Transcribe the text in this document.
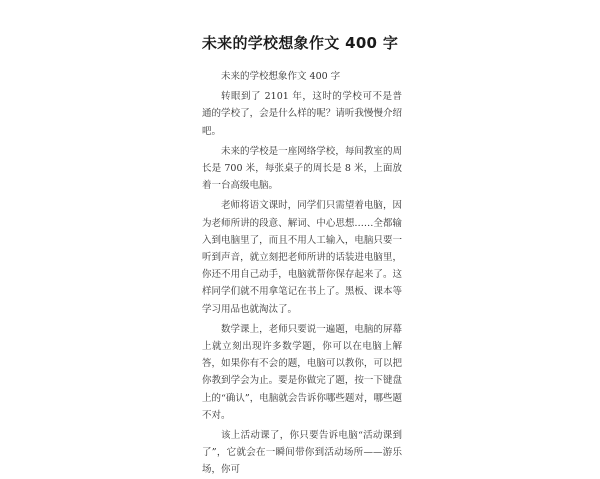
未来的学校想象作文 400 字

未来的学校想象作文 400 字

转眼到了 2101 年，这时的学校可不是普通的学校了，会是什么样的呢？请听我慢慢介绍吧。

未来的学校是一座网络学校，每间教室的周长是 700 米，每张桌子的周长是 8 米，上面放着一台高级电脑。

老师将语文课时，同学们只需望着电脑，因为老师所讲的段意、解词、中心思想……全都输入到电脑里了，而且不用人工输入，电脑只要一听到声音，就立刻把老师所讲的话装进电脑里，你还不用自己动手，电脑就帮你保存起来了。这样同学们就不用拿笔记在书上了。黑板、课本等学习用品也就淘汰了。

数学课上，老师只要说一遍题，电脑的屏幕上就立刻出现许多数学题，你可以在电脑上解答，如果你有不会的题，电脑可以教你，可以把你教到学会为止。要是你做完了题，按一下键盘上的“确认”，电脑就会告诉你哪些题对，哪些题不对。

该上活动课了，你只要告诉电脑“活动课到了”，它就会在一瞬间带你到活动场所——游乐场，你可
